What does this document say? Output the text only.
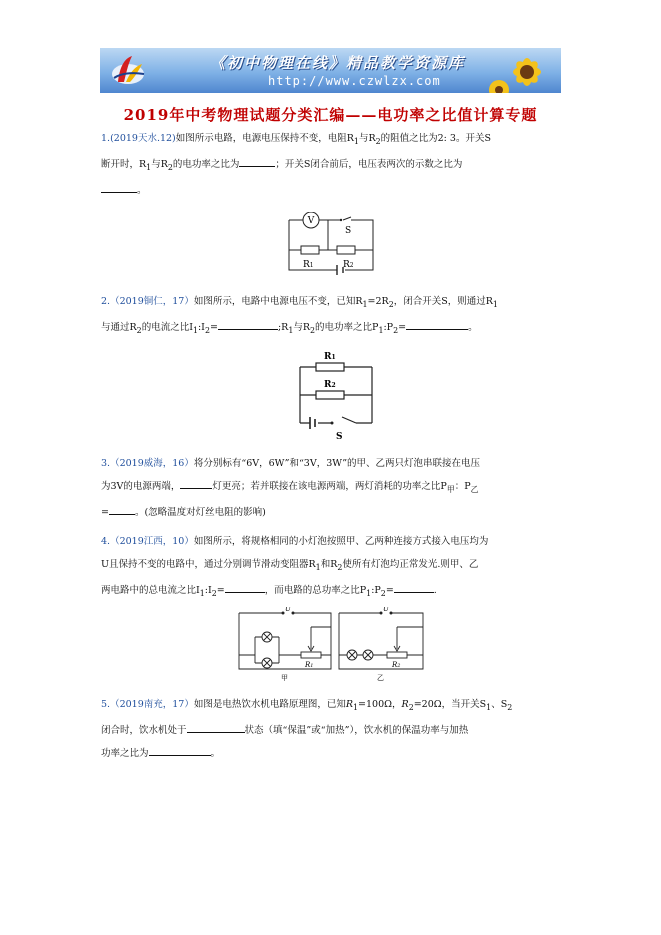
《初中物理在线》精品教学资源库
http://www.czwlzx.com
2019年中考物理试题分类汇编——电功率之比值计算专题

1.(2019天水.12)如图所示电路，电源电压保持不变，电阻$R_1$与$R_2$的阻值之比为2: 3。开关S
断开时，$R_1$与$R_2$的电功率之比为	；开关S闭合前后，电压表两次的示数之比为
。

V
S
R1	R2

2.（2019铜仁，17）如图所示，电路中电源电压不变，已知$R_1=2R_2$，闭合开关S，则通过$R_1$
与通过$R_2$的电流之比$I_1:I_2=$	$;R_1$与$R_2$的电功率之比$P_1:P_2=$	。

R1
R2
S

3.（2019威海，16）将分别标有“6V，6W”和“3V，3W”的甲、乙两只灯泡串联接在电压
为3V的电源两端，	灯更亮；若并联接在该电源两端，两灯消耗的功率之比$P_甲$：$P_乙$
=	。(忽略温度对灯丝电阻的影响)

4.（2019江西，10）如图所示，将规格相同的小灯泡按照甲、乙两种连接方式接入电压均为
U且保持不变的电路中，通过分别调节滑动变阻器$R_1$和$R_2$使所有灯泡均正常发光.则甲、乙
两电路中的总电流之比$I_1:I_2=$	，而电路的总功率之比$P_1:P_2=$	.

U	U
R1	R2
甲	乙

5.（2019南充，17）如图是电热饮水机电路原理图，已知$R_1=100\Omega$，$R_2=20\Omega$，当开关$S_1$、$S_2$
闭合时，饮水机处于	状态（填“保温”或“加热”），饮水机的保温功率与加热
功率之比为	。
